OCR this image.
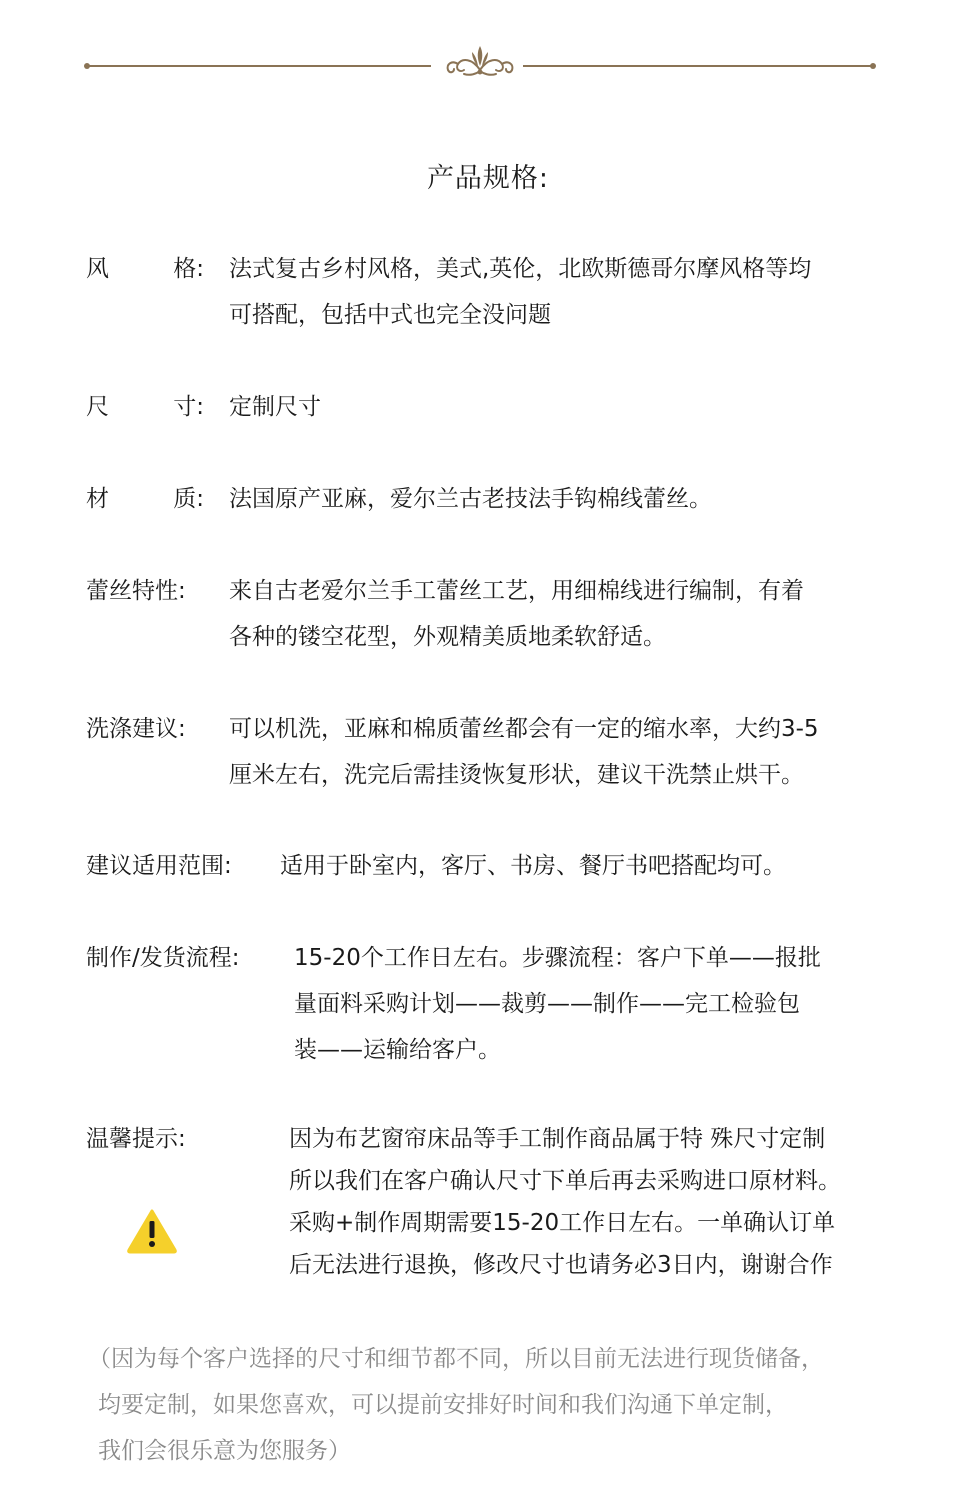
产品规格:
风	格: 法式复古乡村风格，美式,英伦，北欧斯德哥尔摩风格等均

可搭配，包括中式也完全没问题

尺	寸: 定制尺寸

材	质: 法国原产亚麻，爱尔兰古老技法手钩棉线蕾丝。

蕾丝特性: 来自古老爱尔兰手工蕾丝工艺，用细棉线进行编制，有着

各种的镂空花型，外观精美质地柔软舒适。

洗涤建议: 可以机洗，亚麻和棉质蕾丝都会有一定的缩水率，大约3-5

厘米左右，洗完后需挂烫恢复形状，建议干洗禁止烘干。

建议适用范围: 适用于卧室内，客厅、书房、餐厅书吧搭配均可。

制作/发货流程: 15-20个工作日左右。步骤流程：客户下单——报批

量面料采购计划——裁剪——制作——完工检验包

装——运输给客户。

温馨提示:	因为布艺窗帘床品等手工制作商品属于特 殊尺寸定制

所以我们在客户确认尺寸下单后再去采购进口原材料。

采购+制作周期需要15-20工作日左右。一单确认订单

后无法进行退换，修改尺寸也请务必3日内，谢谢合作

（因为每个客户选择的尺寸和细节都不同，所以目前无法进行现货储备，

均要定制，如果您喜欢，可以提前安排好时间和我们沟通下单定制，

我们会很乐意为您服务）
